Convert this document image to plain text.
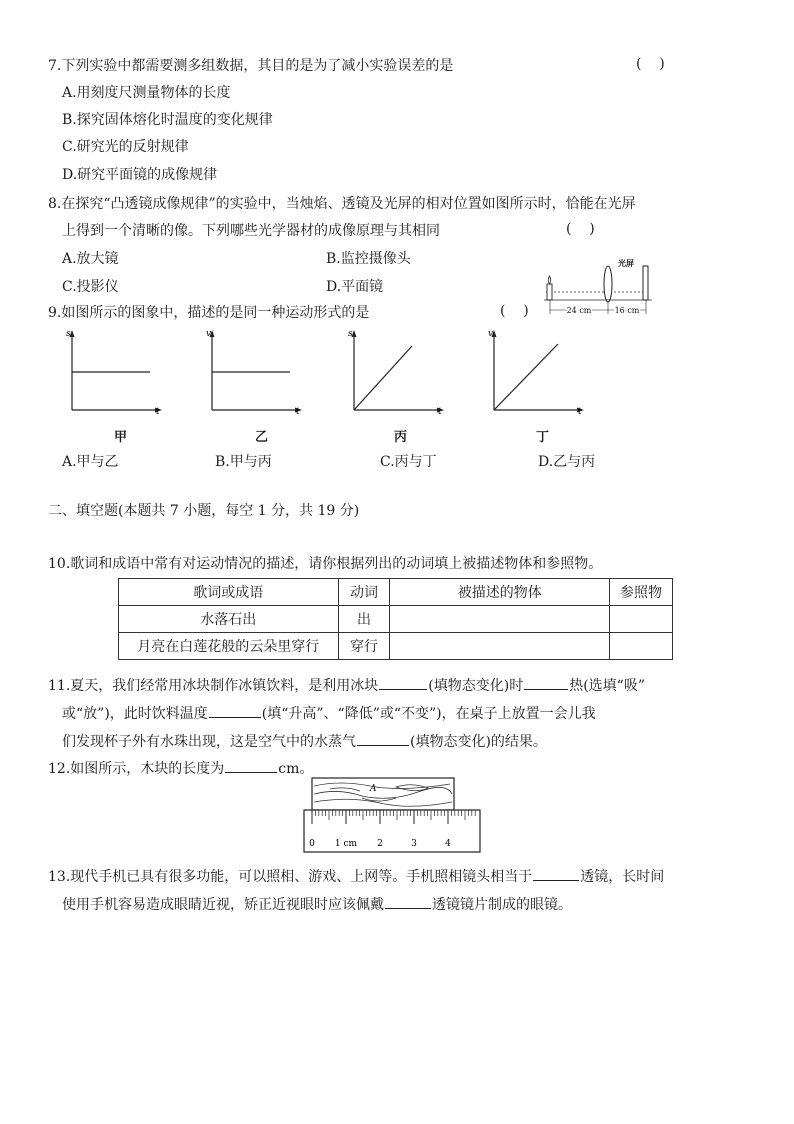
7.下列实验中都需要测多组数据，其目的是为了减小实验误差的是	(    )
A.用刻度尺测量物体的长度
B.探究固体熔化时温度的变化规律
C.研究光的反射规律
D.研究平面镜的成像规律
8.在探究“凸透镜成像规律”的实验中，当烛焰、透镜及光屏的相对位置如图所示时，恰能在光屏
上得到一个清晰的像。下列哪些光学器材的成像原理与其相同	(    )
A.放大镜	B.监控摄像头
C.投影仪	D.平面镜
24 cm	16 cm
光屏
9.如图所示的图象中，描述的是同一种运动形式的是	(    )
s
t
v
t
s
t
v
t
甲	乙	丙	丁
A.甲与乙	B.甲与丙	C.丙与丁	D.乙与丙
二、填空题(本题共 7 小题，每空 1 分，共 19 分)
10.歌词和成语中常有对运动情况的描述，请你根据列出的动词填上被描述物体和参照物。
歌词或成语	动词	被描述的物体	参照物
水落石出	出		
月亮在白莲花般的云朵里穿行	穿行		
11.夏天，我们经常用冰块制作冰镇饮料，是利用冰块	(填物态变化)时	热(选填“吸”
或“放”)，此时饮料温度	(填“升高”、“降低”或“不变”)，在桌子上放置一会儿我
们发现杯子外有水珠出现，这是空气中的水蒸气	(填物态变化)的结果。
12.如图所示，木块的长度为	cm。
A
0 1 cm 2	3	4
13.现代手机已具有很多功能，可以照相、游戏、上网等。手机照相镜头相当于	透镜，长时间
使用手机容易造成眼睛近视，矫正近视眼时应该佩戴	透镜镜片制成的眼镜。
